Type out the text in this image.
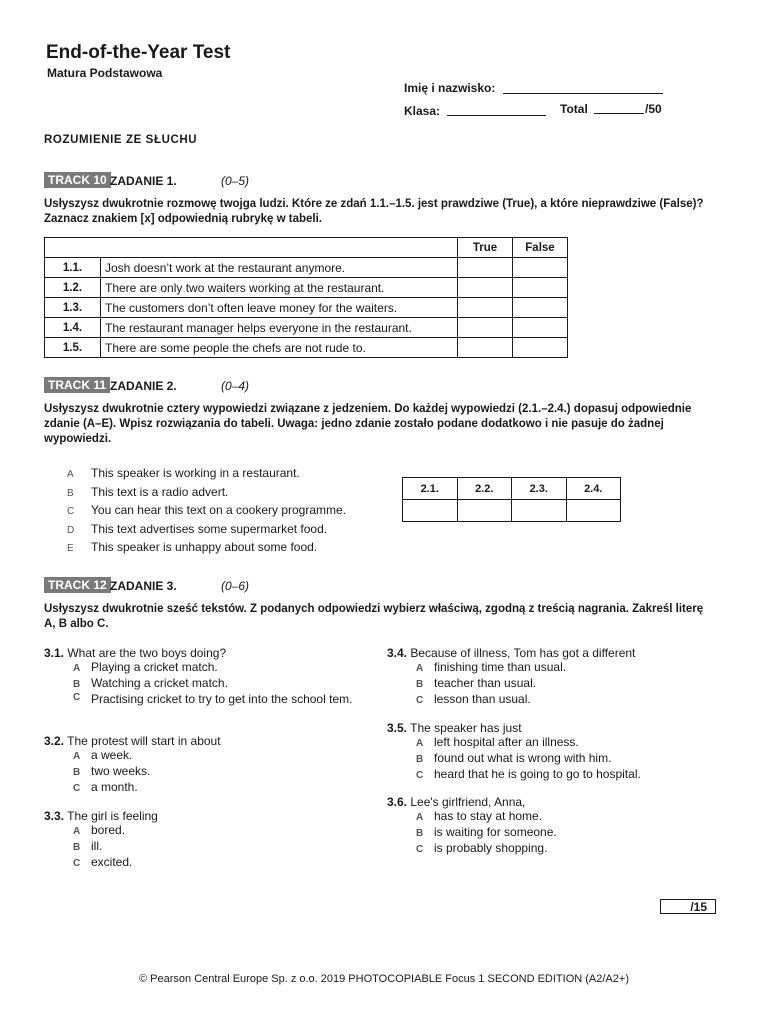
End-of-the-Year Test
Matura Podstawowa
Imię i nazwisko:
Klasa:	Total	/50
ROZUMIENIE ZE SŁUCHU
TRACK 10 ZADANIE 1.	(0–5)
Usłyszysz dwukrotnie rozmowę twojga ludzi. Które ze zdań 1.1.–1.5. jest prawdziwe (True), a które nieprawdziwe (False)? Zaznacz znakiem [x] odpowiednią rubrykę w tabeli.
		True	False
1.1.	Josh doesn’t work at the restaurant anymore.		
1.2.	There are only two waiters working at the restaurant.		
1.3.	The customers don’t often leave money for the waiters.		
1.4.	The restaurant manager helps everyone in the restaurant.		
1.5.	There are some people the chefs are not rude to.		
TRACK 11 ZADANIE 2.	(0–4)
Usłyszysz dwukrotnie cztery wypowiedzi związane z jedzeniem. Do każdej wypowiedzi (2.1.–2.4.) dopasuj odpowiednie zdanie (A–E). Wpisz rozwiązania do tabeli. Uwaga: jedno zdanie zostało podane dodatkowo i nie pasuje do żadnej wypowiedzi.
A This speaker is working in a restaurant.
B This text is a radio advert.
C You can hear this text on a cookery programme.
D This text advertises some supermarket food.
E This speaker is unhappy about some food.
2.1.	2.2.	2.3.	2.4.

TRACK 12 ZADANIE 3.	(0–6)
Usłyszysz dwukrotnie sześć tekstów. Z podanych odpowiedzi wybierz właściwą, zgodną z treścią nagrania. Zakreśl literę A, B albo C.
3.1. What are the two boys doing?
A Playing a cricket match.
B Watching a cricket match.
C Practising cricket to try to get into the school tem.
3.2. The protest will start in about
A a week.
B two weeks.
C a month.
3.3. The girl is feeling
A bored.
B ill.
C excited.
3.4. Because of illness, Tom has got a different
A finishing time than usual.
B teacher than usual.
C lesson than usual.
3.5. The speaker has just
A left hospital after an illness.
B found out what is wrong with him.
C heard that he is going to go to hospital.
3.6. Lee's girlfriend, Anna,
A has to stay at home.
B is waiting for someone.
C is probably shopping.
/15
© Pearson Central Europe Sp. z o.o. 2019 PHOTOCOPIABLE Focus 1 SECOND EDITION (A2/A2+)
